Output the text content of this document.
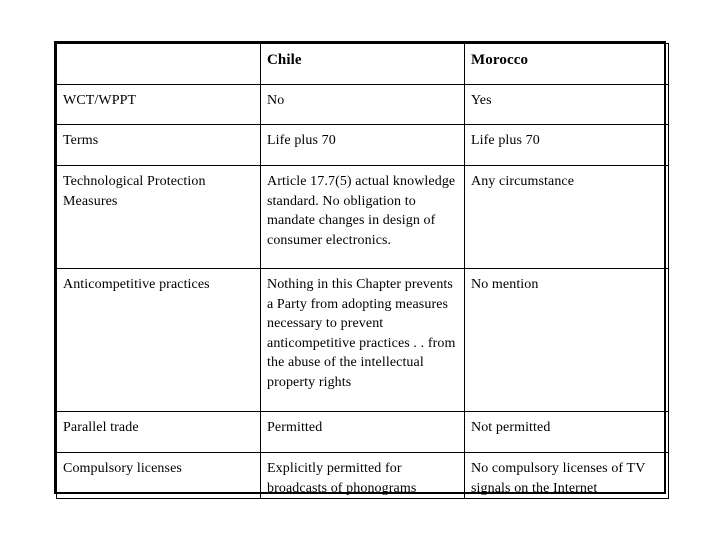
	Chile	Morocco
WCT/WPPT	No	Yes
Terms	Life plus 70	Life plus 70
Technological Protection Measures	Article 17.7(5) actual knowledge standard. No obligation to mandate changes in design of consumer electronics.	Any circumstance
Anticompetitive practices	Nothing in this Chapter prevents a Party from adopting measures necessary to prevent anticompetitive practices . . from the abuse of the intellectual property rights	No mention
Parallel trade	Permitted	Not permitted
Compulsory licenses	Explicitly permitted for broadcasts of phonograms	No compulsory licenses of TV signals on the Internet
